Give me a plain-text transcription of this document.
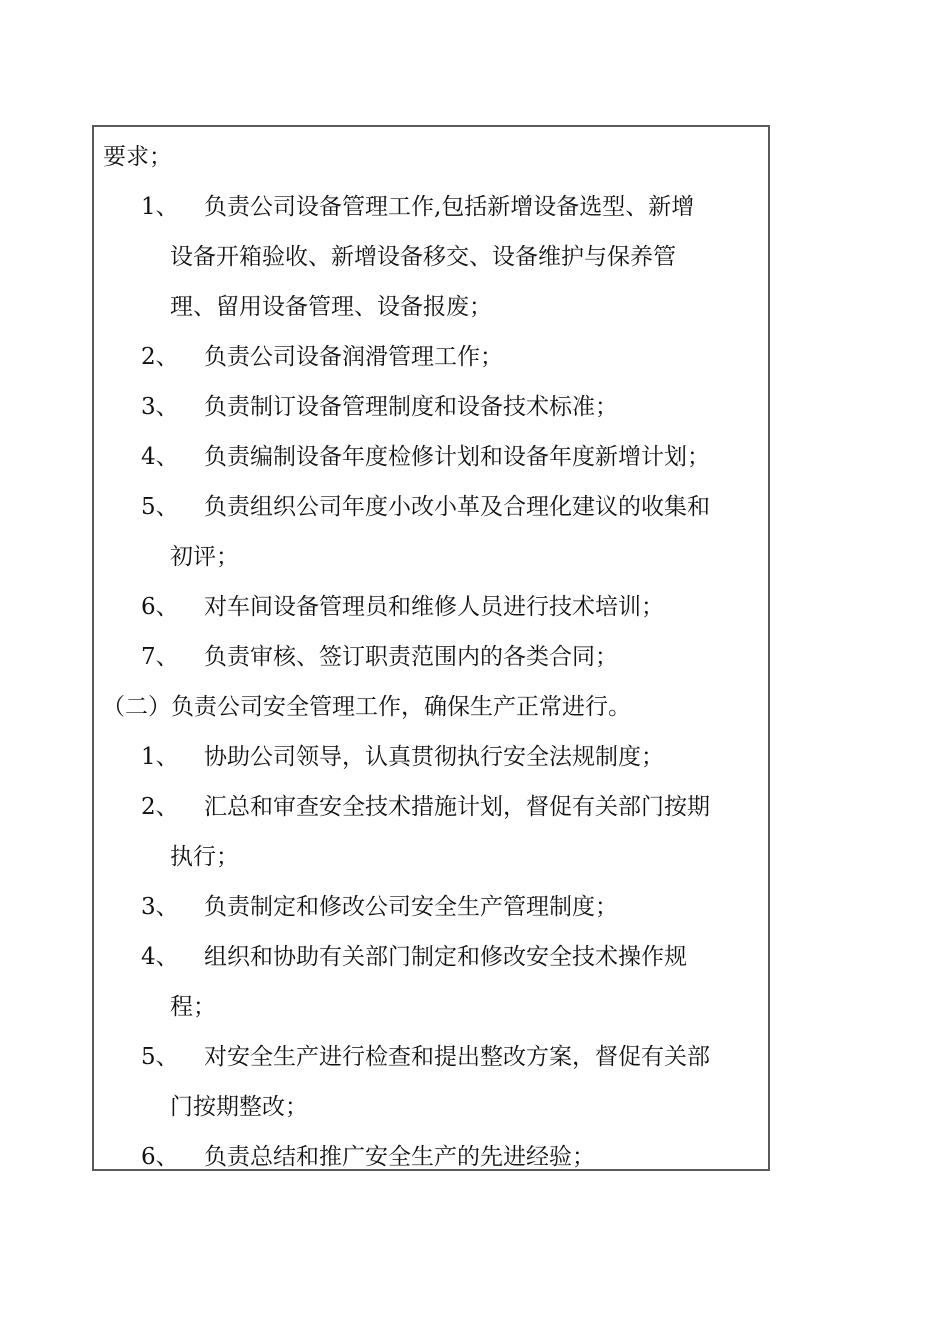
要求；
1、 负责公司设备管理工作,包括新增设备选型、新增
设备开箱验收、新增设备移交、设备维护与保养管
理、留用设备管理、设备报废；
2、 负责公司设备润滑管理工作；
3、 负责制订设备管理制度和设备技术标准；
4、 负责编制设备年度检修计划和设备年度新增计划；
5、 负责组织公司年度小改小革及合理化建议的收集和
初评；
6、 对车间设备管理员和维修人员进行技术培训；
7、 负责审核、签订职责范围内的各类合同；
（二）负责公司安全管理工作，确保生产正常进行。
1、 协助公司领导，认真贯彻执行安全法规制度；
2、 汇总和审查安全技术措施计划，督促有关部门按期
执行；
3、 负责制定和修改公司安全生产管理制度；
4、 组织和协助有关部门制定和修改安全技术操作规
程；
5、 对安全生产进行检查和提出整改方案，督促有关部
门按期整改；
6、 负责总结和推广安全生产的先进经验；
